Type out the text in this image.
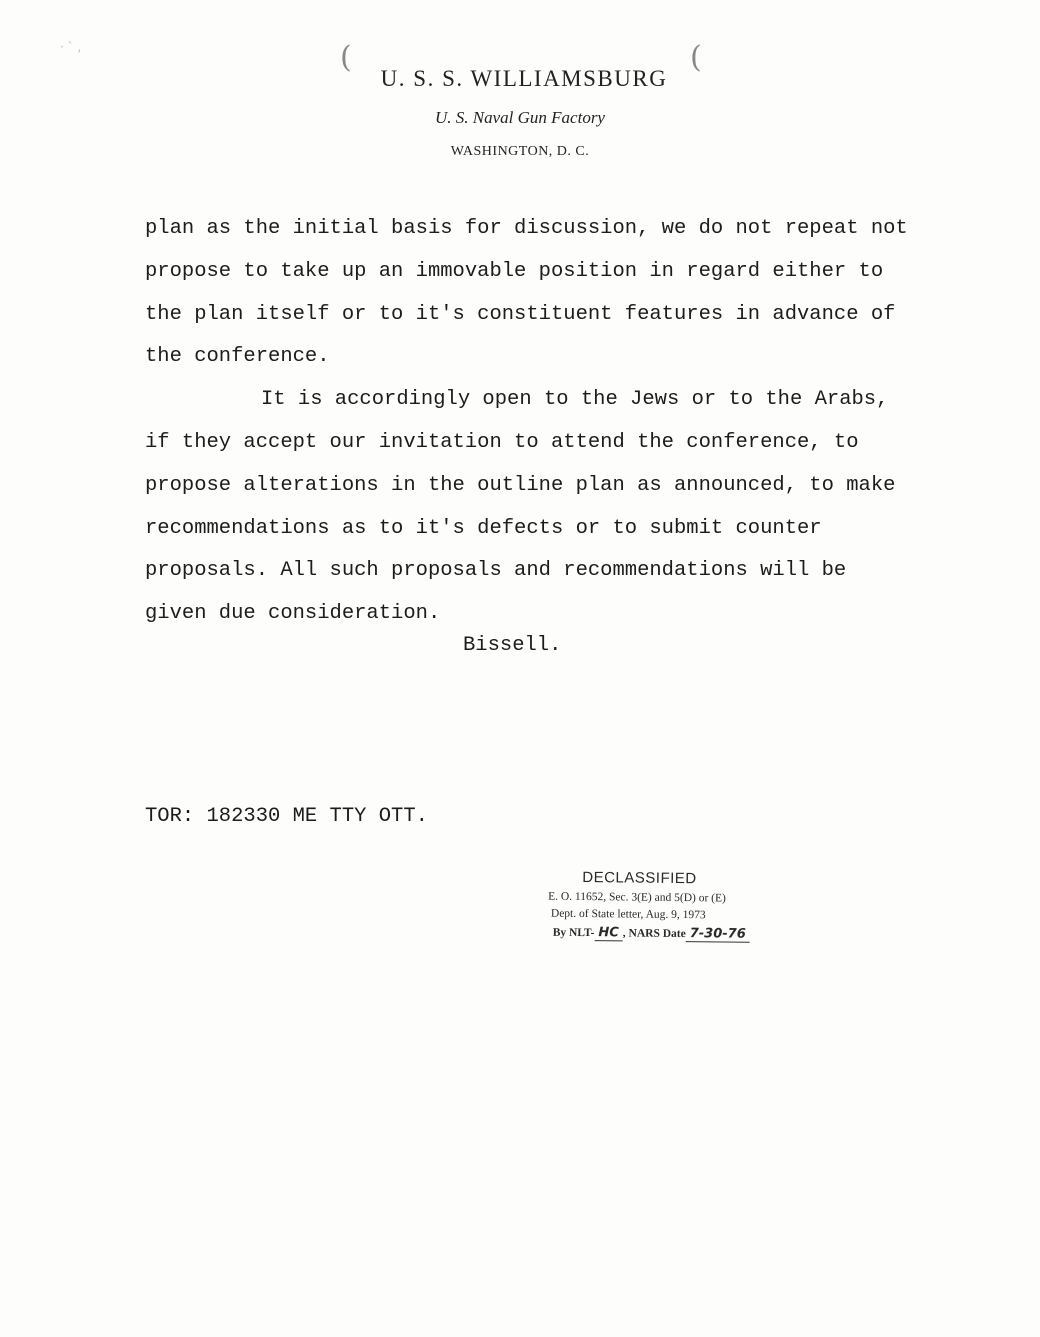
(	(
· ˋ ,
U. S. S. WILLIAMSBURG
U. S. Naval Gun Factory
WASHINGTON, D. C.
plan as the initial basis for discussion, we do not repeat not
propose to take up an immovable position in regard either to
the plan itself or to it's constituent features in advance of
the conference.
It is accordingly open to the Jews or to the Arabs,
if they accept our invitation to attend the conference, to
propose alterations in the outline plan as announced, to make
recommendations as to it's defects or to submit counter
proposals. All such proposals and recommendations will be
given due consideration.
Bissell.
TOR: 182330 ME TTY OTT.
DECLASSIFIED
E. O. 11652, Sec. 3(E) and 5(D) or (E)
Dept. of State letter, Aug. 9, 1973
By NLT- HC , NARS Date 7-30-76
